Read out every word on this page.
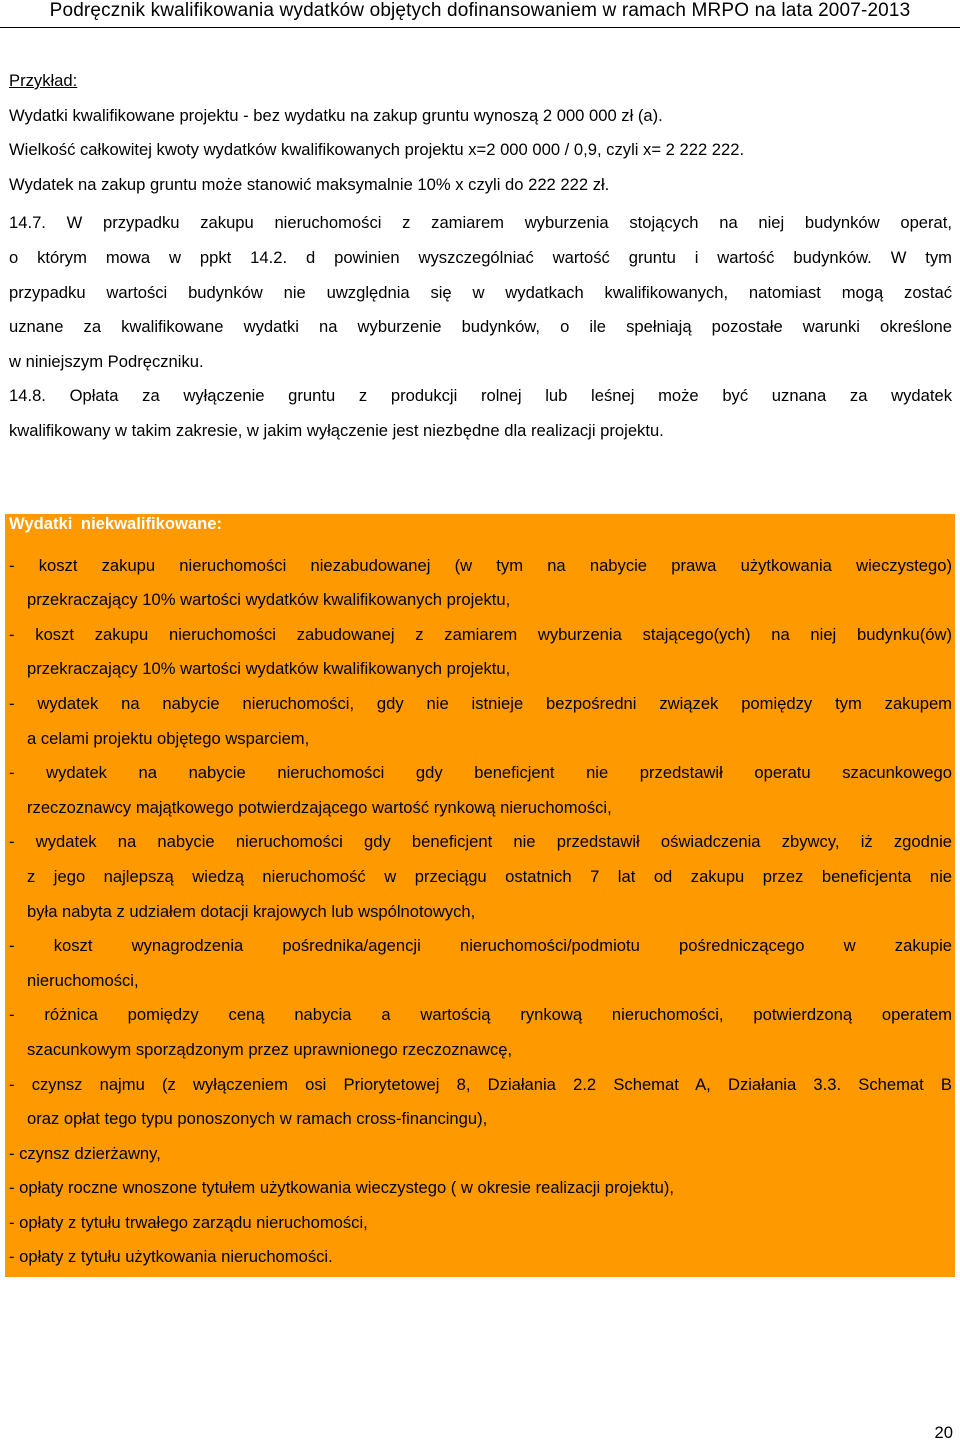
Podręcznik kwalifikowania wydatków objętych dofinansowaniem w ramach MRPO na lata 2007-2013
Przykład:
Wydatki kwalifikowane projektu - bez wydatku na zakup gruntu wynoszą 2 000 000 zł (a).
Wielkość całkowitej kwoty wydatków kwalifikowanych projektu x=2 000 000 / 0,9, czyli x= 2 222 222.
Wydatek na zakup gruntu może stanowić maksymalnie 10% x czyli do 222 222 zł.
14.7. W przypadku zakupu nieruchomości z zamiarem wyburzenia stojących na niej budynków operat,
o którym mowa w ppkt 14.2. d powinien wyszczególniać wartość gruntu i wartość budynków. W tym
przypadku wartości budynków nie uwzględnia się w wydatkach kwalifikowanych, natomiast mogą zostać
uznane za kwalifikowane wydatki na wyburzenie budynków, o ile spełniają pozostałe warunki określone
w niniejszym Podręczniku.
14.8. Opłata za wyłączenie gruntu z produkcji rolnej lub leśnej może być uznana za wydatek
kwalifikowany w takim zakresie, w jakim wyłączenie jest niezbędne dla realizacji projektu.
Wydatki niekwalifikowane:
- koszt zakupu nieruchomości niezabudowanej (w tym na nabycie prawa użytkowania wieczystego)
przekraczający 10% wartości wydatków kwalifikowanych projektu,
- koszt zakupu nieruchomości zabudowanej z zamiarem wyburzenia stającego(ych) na niej budynku(ów)
przekraczający 10% wartości wydatków kwalifikowanych projektu,
- wydatek na nabycie nieruchomości, gdy nie istnieje bezpośredni związek pomiędzy tym zakupem
a celami projektu objętego wsparciem,
- wydatek na nabycie nieruchomości gdy beneficjent nie przedstawił operatu szacunkowego
rzeczoznawcy majątkowego potwierdzającego wartość rynkową nieruchomości,
- wydatek na nabycie nieruchomości gdy beneficjent nie przedstawił oświadczenia zbywcy, iż zgodnie
z jego najlepszą wiedzą nieruchomość w przeciągu ostatnich 7 lat od zakupu przez beneficjenta nie
była nabyta z udziałem dotacji krajowych lub wspólnotowych,
- koszt wynagrodzenia pośrednika/agencji nieruchomości/podmiotu pośredniczącego w zakupie
nieruchomości,
- różnica pomiędzy ceną nabycia a wartością rynkową nieruchomości, potwierdzoną operatem
szacunkowym sporządzonym przez uprawnionego rzeczoznawcę,
- czynsz najmu (z wyłączeniem osi Priorytetowej 8, Działania 2.2 Schemat A, Działania 3.3. Schemat B
oraz opłat tego typu ponoszonych w ramach cross-financingu),
- czynsz dzierżawny,
- opłaty roczne wnoszone tytułem użytkowania wieczystego ( w okresie realizacji projektu),
- opłaty z tytułu trwałego zarządu nieruchomości,
- opłaty z tytułu użytkowania nieruchomości.
20
